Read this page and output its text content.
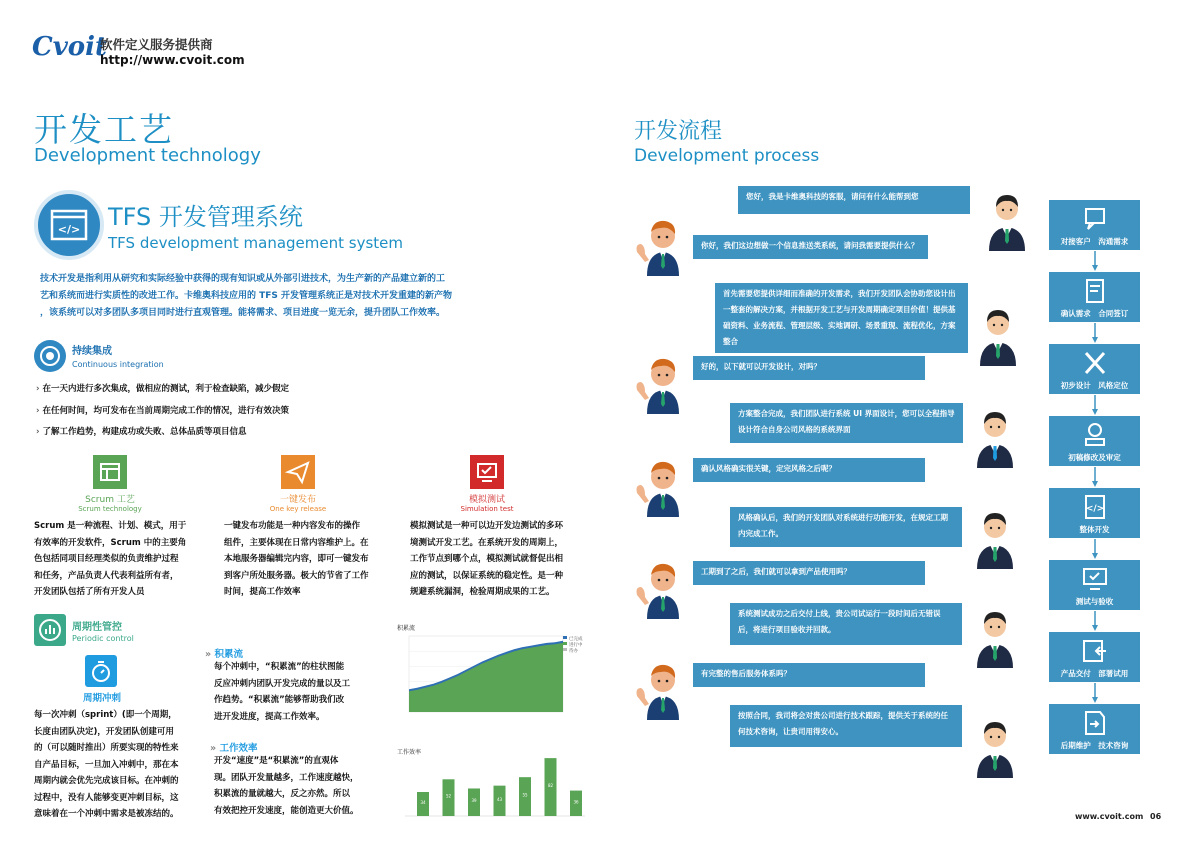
Cvoit
软件定义服务提供商
http://www.cvoit.com
开发工艺
Development technology
</> TFS 开发管理系统
TFS development management system
技术开发是指利用从研究和实际经验中获得的现有知识或从外部引进技术，为生产新的产品建立新的工
艺和系统而进行实质性的改进工作。卡维奥科技应用的 TFS 开发管理系统正是对技术开发重建的新产物
，该系统可以对多团队多项目同时进行直观管理。能将需求、项目进度一览无余，提升团队工作效率。
持续集成
Continuous integration
› 在一天内进行多次集成，做相应的测试，利于检查缺陷，减少假定
› 在任何时间，均可发布在当前周期完成工作的情况，进行有效决策
› 了解工作趋势，构建成功或失败、总体品质等项目信息
Scrum 工艺
Scrum technology
Scrum 是一种流程、计划、模式，用于
有效率的开发软件，Scrum 中的主要角
色包括同项目经理类似的负责维护过程
和任务，产品负责人代表利益所有者，
开发团队包括了所有开发人员
一键发布
One key release
一键发布功能是一种内容发布的操作
组件，主要体现在日常内容维护上。在
本地服务器编辑完内容，即可一键发布
到客户所处服务器。极大的节省了工作
时间，提高工作效率
模拟测试
Simulation test
模拟测试是一种可以边开发边测试的多环
境测试开发工艺。在系统开发的周期上，
工作节点到哪个点，模拟测试就督促出相
应的测试，以保证系统的稳定性。是一种
规避系统漏洞，检验周期成果的工艺。
周期性管控
Periodic control
周期冲刺
每一次冲刺（sprint）(即一个周期，
长度由团队决定)，开发团队创建可用
的（可以随时推出）所要实现的特性来
自产品目标，一旦加入冲刺中，那在本
周期内就会优先完成该目标。在冲刺的
过程中，没有人能够变更冲刺目标，这
意味着在一个冲刺中需求是被冻结的。
» 积累流
每个冲刺中，“积累流”的柱状图能
反应冲刺内团队开发完成的量以及工
作趋势。“积累流”能够帮助我们改
进开发进度，提高工作效率。
» 工作效率
开发“速度”是“积累流”的直观体
现。团队开发量越多，工作速度越快，
积累流的量就越大，反之亦然。所以
有效把控开发速度，能创造更大价值。
积累流
已完成
进行中
待办
工作效率
34
52
39	43
55
82
36
开发流程
Development process
www.cvoit.com 06
您好，我是卡维奥科技的客服，请问有什么能帮到您
你好，我们这边想做一个信息推送类系统，请问我需要提供什么？
首先需要您提供详细而准确的开发需求，我们开发团队会协助您设计出一整套的解决方案，并根据开发工艺与开发周期确定项目价值！提供基础资料、业务流程、管理层级、实地调研、场景重现、流程优化，方案整合
好的，以下就可以开发设计，对吗？
方案整合完成，我们团队进行系统 UI 界面设计，您可以全程指导设计符合自身公司风格的系统界面
确认风格确实很关键，定完风格之后呢？
风格确认后，我们的开发团队对系统进行功能开发，在规定工期内完成工作。
工期到了之后，我们就可以拿到产品使用吗？
系统测试成功之后交付上线，贵公司试运行一段时间后无错误后，将进行项目验收并回款。
有完整的售后服务体系吗？
按照合同，我司将会对贵公司进行技术跟踪，提供关于系统的任何技术咨询，让贵司用得安心。
对接客户　沟通需求
确认需求　合同签订
初步设计　风格定位
初稿修改及审定
</>
整体开发
测试与验收
产品交付　部署试用
后期维护　技术咨询
